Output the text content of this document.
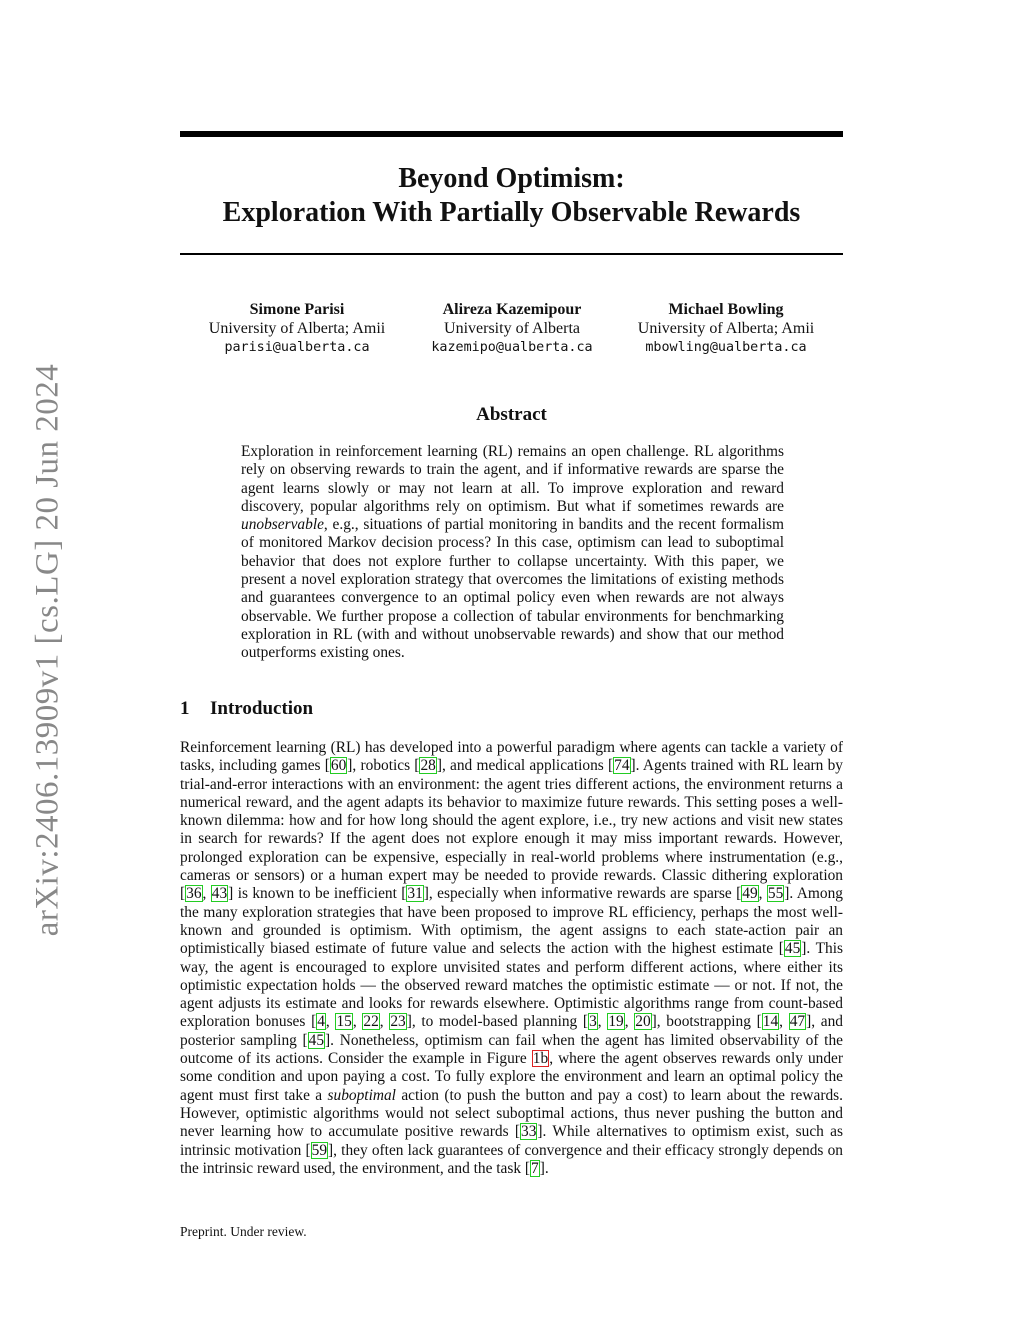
arXiv:2406.13909v1 [cs.LG] 20 Jun 2024
Beyond Optimism:
Exploration With Partially Observable Rewards
Simone Parisi
University of Alberta; Amii
parisi@ualberta.ca
Alireza Kazemipour
University of Alberta
kazemipo@ualberta.ca
Michael Bowling
University of Alberta; Amii
mbowling@ualberta.ca
Abstract

Exploration in reinforcement learning (RL) remains an open challenge. RL algorithms rely on observing rewards to train the agent, and if informative rewards are sparse the agent learns slowly or may not learn at all. To improve exploration and reward discovery, popular algorithms rely on optimism. But what if sometimes rewards are unobservable, e.g., situations of partial monitoring in bandits and the recent formalism of monitored Markov decision process? In this case, optimism can lead to suboptimal behavior that does not explore further to collapse uncertainty. With this paper, we present a novel exploration strategy that overcomes the limitations of existing methods and guarantees convergence to an optimal policy even when rewards are not always observable. We further propose a collection of tabular environments for benchmarking exploration in RL (with and without unobservable rewards) and show that our method outperforms existing ones.

1 Introduction

Reinforcement learning (RL) has developed into a powerful paradigm where agents can tackle a variety of tasks, including games [60], robotics [28], and medical applications [74]. Agents trained with RL learn by trial-and-error interactions with an environment: the agent tries different actions, the environment returns a numerical reward, and the agent adapts its behavior to maximize future rewards. This setting poses a well-known dilemma: how and for how long should the agent explore, i.e., try new actions and visit new states in search for rewards? If the agent does not explore enough it may miss important rewards. However, prolonged exploration can be expensive, especially in real-world problems where instrumentation (e.g., cameras or sensors) or a human expert may be needed to provide rewards. Classic dithering exploration [36, 43] is known to be inefficient [31], especially when informative rewards are sparse [49, 55]. Among the many exploration strategies that have been proposed to improve RL efficiency, perhaps the most well-known and grounded is optimism. With optimism, the agent assigns to each state-action pair an optimistically biased estimate of future value and selects the action with the highest estimate [45]. This way, the agent is encouraged to explore unvisited states and perform different actions, where either its optimistic expectation holds — the observed reward matches the optimistic estimate — or not. If not, the agent adjusts its estimate and looks for rewards elsewhere. Optimistic algorithms range from count-based exploration bonuses [4, 15, 22, 23], to model-based planning [3, 19, 20], bootstrapping [14, 47], and posterior sampling [45]. Nonetheless, optimism can fail when the agent has limited observability of the outcome of its actions. Consider the example in Figure 1b, where the agent observes rewards only under some condition and upon paying a cost. To fully explore the environment and learn an optimal policy the agent must first take a suboptimal action (to push the button and pay a cost) to learn about the rewards. However, optimistic algorithms would not select suboptimal actions, thus never pushing the button and never learning how to accumulate positive rewards [33]. While alternatives to optimism exist, such as intrinsic motivation [59], they often lack guarantees of convergence and their efficacy strongly depends on the intrinsic reward used, the environment, and the task [7].

Preprint. Under review.
